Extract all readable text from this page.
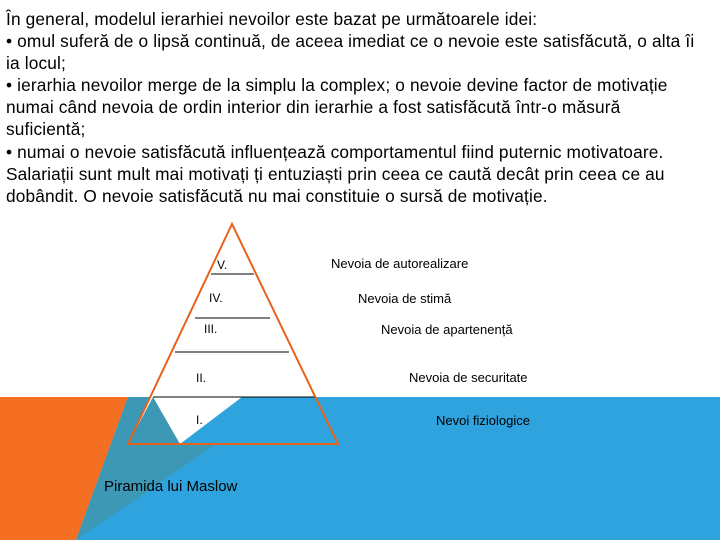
În general, modelul ierarhiei nevoilor este bazat pe următoarele idei:
• omul suferă de o lipsă continuă, de aceea imediat ce o nevoie este satisfăcută, o alta îi
ia locul;
• ierarhia nevoilor merge de la simplu la complex; o nevoie devine factor de motivație
numai când nevoia de ordin interior din ierarhie a fost satisfăcută într-o măsură
suficientă;
• numai o nevoie satisfăcută influențează comportamentul fiind puternic motivatoare.
Salariații sunt mult mai motivați ți entuziaști prin ceea ce caută decât prin ceea ce au
dobândit. O nevoie satisfăcută nu mai constituie o sursă de motivație.
V.
IV.
III.
II.
I.
Nevoia de autorealizare
Nevoia de stimă
Nevoia de apartenență
Nevoia de securitate
Nevoi fiziologice
Piramida lui Maslow
